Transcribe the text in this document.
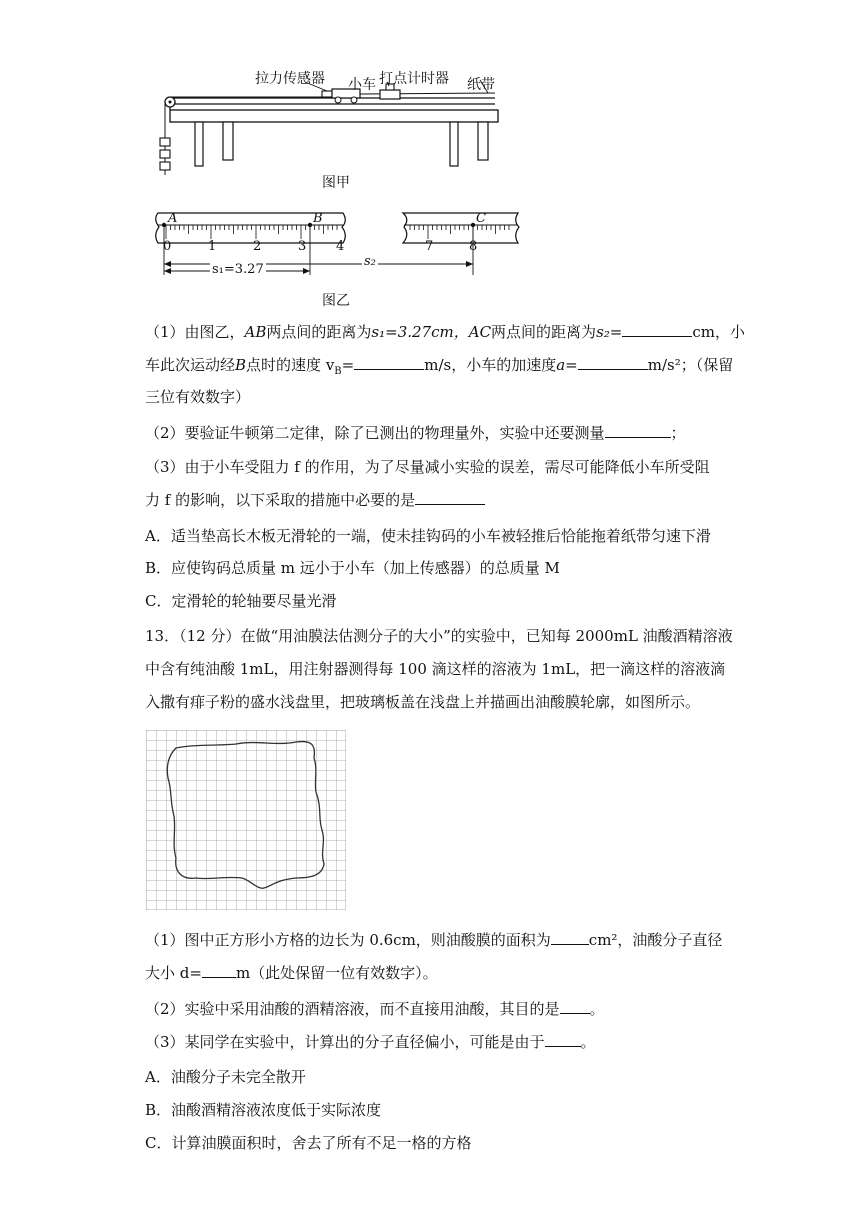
拉力传感器 小车 打点计时器 纸带
图甲
A	B	C
0	1	2	3 4	7	8
s₁=3.27
s₂
图乙
（1）由图乙，AB两点间的距离为s₁=3.27cm，AC两点间的距离为s₂=	cm，小
车此次运动经B点时的速度 $v_B=$	m/s，小车的加速度a=	m/s²；（保留
三位有效数字）
（2）要验证牛顿第二定律，除了已测出的物理量外，实验中还要测量	；
（3）由于小车受阻力 f 的作用，为了尽量减小实验的误差，需尽可能降低小车所受阻
力 f 的影响，以下采取的措施中必要的是
A．适当垫高长木板无滑轮的一端，使未挂钩码的小车被轻推后恰能拖着纸带匀速下滑
B．应使钩码总质量 m 远小于小车（加上传感器）的总质量 M
C．定滑轮的轮轴要尽量光滑
13．（12 分）在做“用油膜法估测分子的大小”的实验中，已知每 2000mL 油酸酒精溶液
中含有纯油酸 1mL，用注射器测得每 100 滴这样的溶液为 1mL，把一滴这样的溶液滴
入撒有痱子粉的盛水浅盘里，把玻璃板盖在浅盘上并描画出油酸膜轮廓，如图所示。
（1）图中正方形小方格的边长为 0.6cm，则油酸膜的面积为	cm²，油酸分子直径
大小 d= m（此处保留一位有效数字）。
（2）实验中采用油酸的酒精溶液，而不直接用油酸，其目的是 。
（3）某同学在实验中，计算出的分子直径偏小，可能是由于 。
A．油酸分子未完全散开
B．油酸酒精溶液浓度低于实际浓度
C．计算油膜面积时，舍去了所有不足一格的方格
